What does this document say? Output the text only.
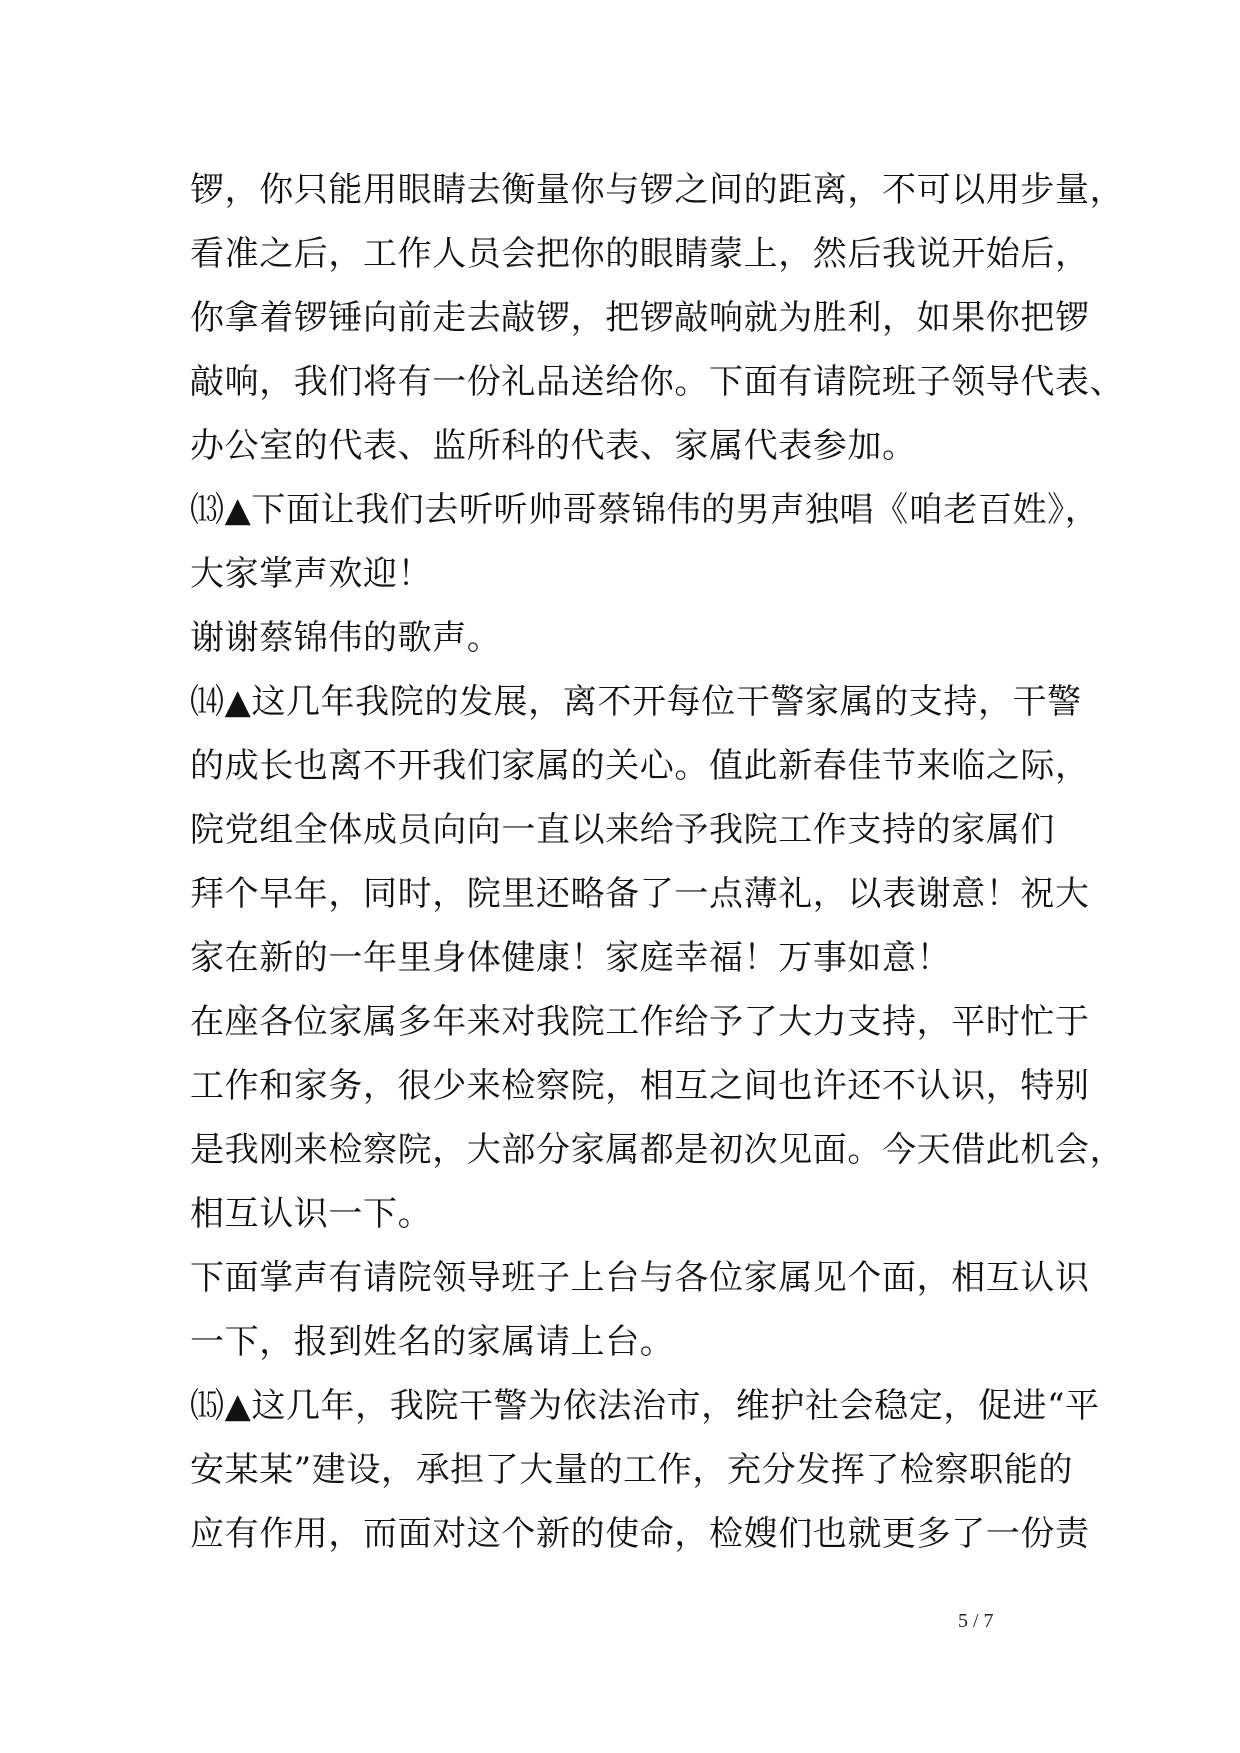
锣，你只能用眼睛去衡量你与锣之间的距离，不可以用步量，
看准之后，工作人员会把你的眼睛蒙上，然后我说开始后，
你拿着锣锤向前走去敲锣，把锣敲响就为胜利，如果你把锣
敲响，我们将有一份礼品送给你。下面有请院班子领导代表、
办公室的代表、监所科的代表、家属代表参加。
⒀▲下面让我们去听听帅哥蔡锦伟的男声独唱《咱老百姓》，
大家掌声欢迎！
谢谢蔡锦伟的歌声。
⒁▲这几年我院的发展，离不开每位干警家属的支持，干警
的成长也离不开我们家属的关心。值此新春佳节来临之际，
院党组全体成员向向一直以来给予我院工作支持的家属们
拜个早年，同时，院里还略备了一点薄礼，以表谢意！祝大
家在新的一年里身体健康！家庭幸福！万事如意！
在座各位家属多年来对我院工作给予了大力支持，平时忙于
工作和家务，很少来检察院，相互之间也许还不认识，特别
是我刚来检察院，大部分家属都是初次见面。今天借此机会，
相互认识一下。
下面掌声有请院领导班子上台与各位家属见个面，相互认识
一下，报到姓名的家属请上台。
⒂▲这几年，我院干警为依法治市，维护社会稳定，促进“平
安某某”建设，承担了大量的工作，充分发挥了检察职能的
应有作用，而面对这个新的使命，检嫂们也就更多了一份责
5 / 7
